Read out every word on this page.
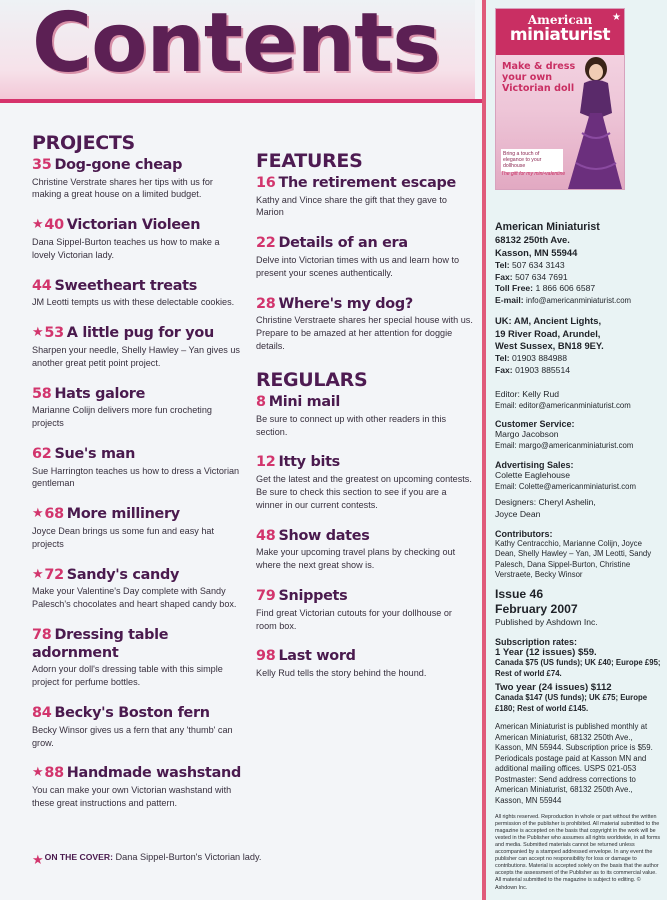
Contents
PROJECTS
35 Dog-gone cheap
Christine Verstrate shares her tips with us for making a great house on a limited budget.
★40 Victorian Violeen
Dana Sippel-Burton teaches us how to make a lovely Victorian lady.
44 Sweetheart treats
JM Leotti tempts us with these delectable cookies.
★53 A little pug for you
Sharpen your needle, Shelly Hawley – Yan gives us another great petit point project.
58 Hats galore
Marianne Colijn delivers more fun crocheting projects
62 Sue's man
Sue Harrington teaches us how to dress a Victorian gentleman
★68 More millinery
Joyce Dean brings us some fun and easy hat projects
★72 Sandy's candy
Make your Valentine's Day complete with Sandy Palesch's chocolates and heart shaped candy box.
78 Dressing table adornment
Adorn your doll's dressing table with this simple project for perfume bottles.
84 Becky's Boston fern
Becky Winsor gives us a fern that any 'thumb' can grow.
★88 Handmade washstand
You can make your own Victorian washstand with these great instructions and pattern.
FEATURES
16 The retirement escape
Kathy and Vince share the gift that they gave to Marion
22 Details of an era
Delve into Victorian times with us and learn how to present your scenes authentically.
28 Where's my dog?
Christine Verstraete shares her special house with us. Prepare to be amazed at her attention for doggie details.
REGULARS
8 Mini mail
Be sure to connect up with other readers in this section.
12 Itty bits
Get the latest and the greatest on upcoming contests. Be sure to check this section to see if you are a winner in our current contests.
48 Show dates
Make your upcoming travel plans by checking out where the next great show is.
79 Snippets
Find great Victorian cutouts for your dollhouse or room box.
98 Last word
Kelly Rud tells the story behind the hound.
★ON THE COVER: Dana Sippel-Burton's Victorian lady.
American
miniaturist
★
Make & dress your own Victorian doll
Bring a touch of elegance to your dollhouse
The gift for my mini-valentine
American Miniaturist
68132 250th Ave.
Kasson, MN 55944
Tel: 507 634 3143
Fax: 507 634 7691
Toll Free: 1 866 606 6587
E-mail: info@americanminiaturist.com
UK: AM, Ancient Lights,
19 River Road, Arundel,
West Sussex, BN18 9EY.
Tel: 01903 884988
Fax: 01903 885514
Editor: Kelly Rud
Email: editor@americanminiaturist.com
Customer Service:
Margo Jacobson
Email: margo@americanminiaturist.com
Advertising Sales:
Colette Eaglehouse
Email: Colette@americanminiaturist.com
Designers: Cheryl Ashelin,
Joyce Dean
Contributors:
Kathy Centracchio, Marianne Colijn, Joyce Dean, Shelly Hawley – Yan, JM Leotti, Sandy Palesch, Dana Sippel-Burton, Christine Verstraete, Becky Winsor
Issue 46
February 2007
Published by Ashdown Inc.
Subscription rates:
1 Year (12 issues) $59.
Canada $75 (US funds); UK £40; Europe £95; Rest of world £74.
Two year (24 issues) $112
Canada $147 (US funds); UK £75; Europe £180; Rest of world £145.
American Miniaturist is published monthly at American Miniaturist, 68132 250th Ave., Kasson, MN 55944. Subscription price is $59. Periodicals postage paid at Kasson MN and additional mailing offices. USPS 021-053 Postmaster: Send address corrections to American Miniaturist, 68132 250th Ave., Kasson, MN 55944
All rights reserved. Reproduction in whole or part without the written permission of the publisher is prohibited. All material submitted to the magazine is accepted on the basis that copyright in the work will be vested in the Publisher who assumes all rights worldwide, in all forms and media. Submitted materials cannot be returned unless accompanied by a stamped addressed envelope. In any event the publisher can accept no responsibility for loss or damage to contributions. Material is accepted solely on the basis that the author accepts the assessment of the Publisher as to its commercial value. All material submitted to the magazine is subject to editing. © Ashdown Inc.
